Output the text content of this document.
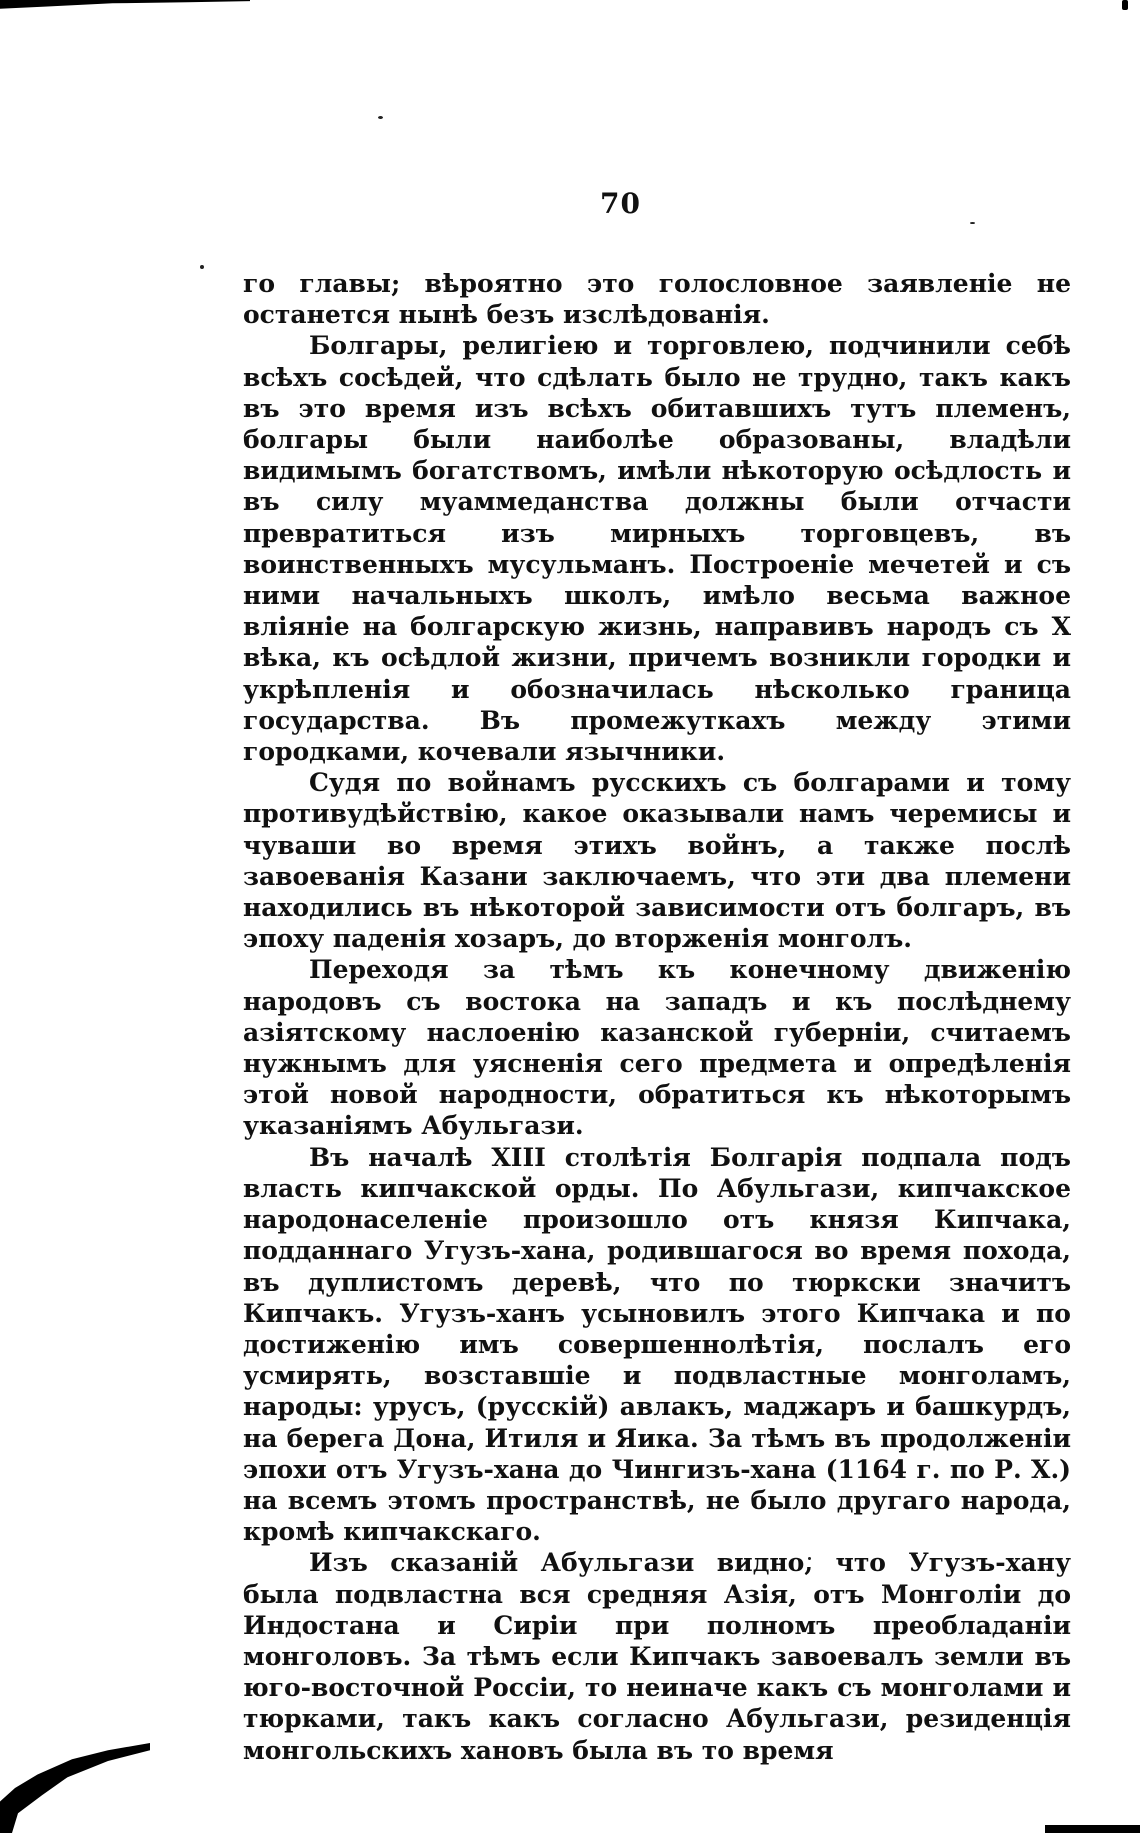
70

го главы; вѣроятно это голословное заявленіе не останется нынѣ безъ изслѣдованія.

Болгары, религіею и торговлею, подчинили себѣ всѣхъ сосѣдей, что сдѣлать было не трудно, такъ какъ въ это время изъ всѣхъ обитавшихъ тутъ племенъ, болгары были наиболѣе образованы, владѣли видимымъ богатствомъ, имѣли нѣкоторую осѣдлость и въ силу муаммеданства должны были отчасти превратиться изъ мирныхъ торговцевъ, въ воинственныхъ мусульманъ. Построеніе мечетей и съ ними начальныхъ школъ, имѣло весьма важное вліяніе на болгарскую жизнь, направивъ народъ съ X вѣка, къ осѣдлой жизни, причемъ возникли городки и укрѣпленія и обозначилась нѣсколько граница государства. Въ промежуткахъ между этими городками, кочевали язычники.

Судя по войнамъ русскихъ съ болгарами и тому противудѣйствію, какое оказывали намъ черемисы и чуваши во время этихъ войнъ, а также послѣ завоеванія Казани заключаемъ, что эти два племени находились въ нѣкоторой зависимости отъ болгаръ, въ эпоху паденія хозаръ, до вторженія монголъ.

Переходя за тѣмъ къ конечному движенію народовъ съ востока на западъ и къ послѣднему азіятскому наслоенію казанской губерніи, считаемъ нужнымъ для уясненія сего предмета и опредѣленія этой новой народности, обратиться къ нѣкоторымъ указаніямъ Абульгази.

Въ началѣ XIII столѣтія Болгарія подпала подъ власть кипчакской орды. По Абульгази, кипчакское народонаселеніе произошло отъ князя Кипчака, подданнаго Угузъ-хана, родившагося во время похода, въ дуплистомъ деревѣ, что по тюркски значитъ Кипчакъ. Угузъ-ханъ усыновилъ этого Кипчака и по достиженію имъ совершеннолѣтія, послалъ его усмирять, возставшіе и подвластные монголамъ, народы: урусъ, (русскій) авлакъ, маджаръ и башкурдъ, на берега Дона, Итиля и Яика. За тѣмъ въ продолженіи эпохи отъ Угузъ-хана до Чингизъ-хана (1164 г. по Р. Х.) на всемъ этомъ пространствѣ, не было другаго народа, кромѣ кипчакскаго.

Изъ сказаній Абульгази видно, что Угузъ-хану была подвластна вся средняя Азія, отъ Монголіи до Индостана и Сиріи при полномъ преобладаніи монголовъ. За тѣмъ если Кипчакъ завоевалъ земли въ юго-восточной Россіи, то неиначе какъ съ монголами и тюрками, такъ какъ согласно Абульгази, резиденція монгольскихъ хановъ была въ то время
